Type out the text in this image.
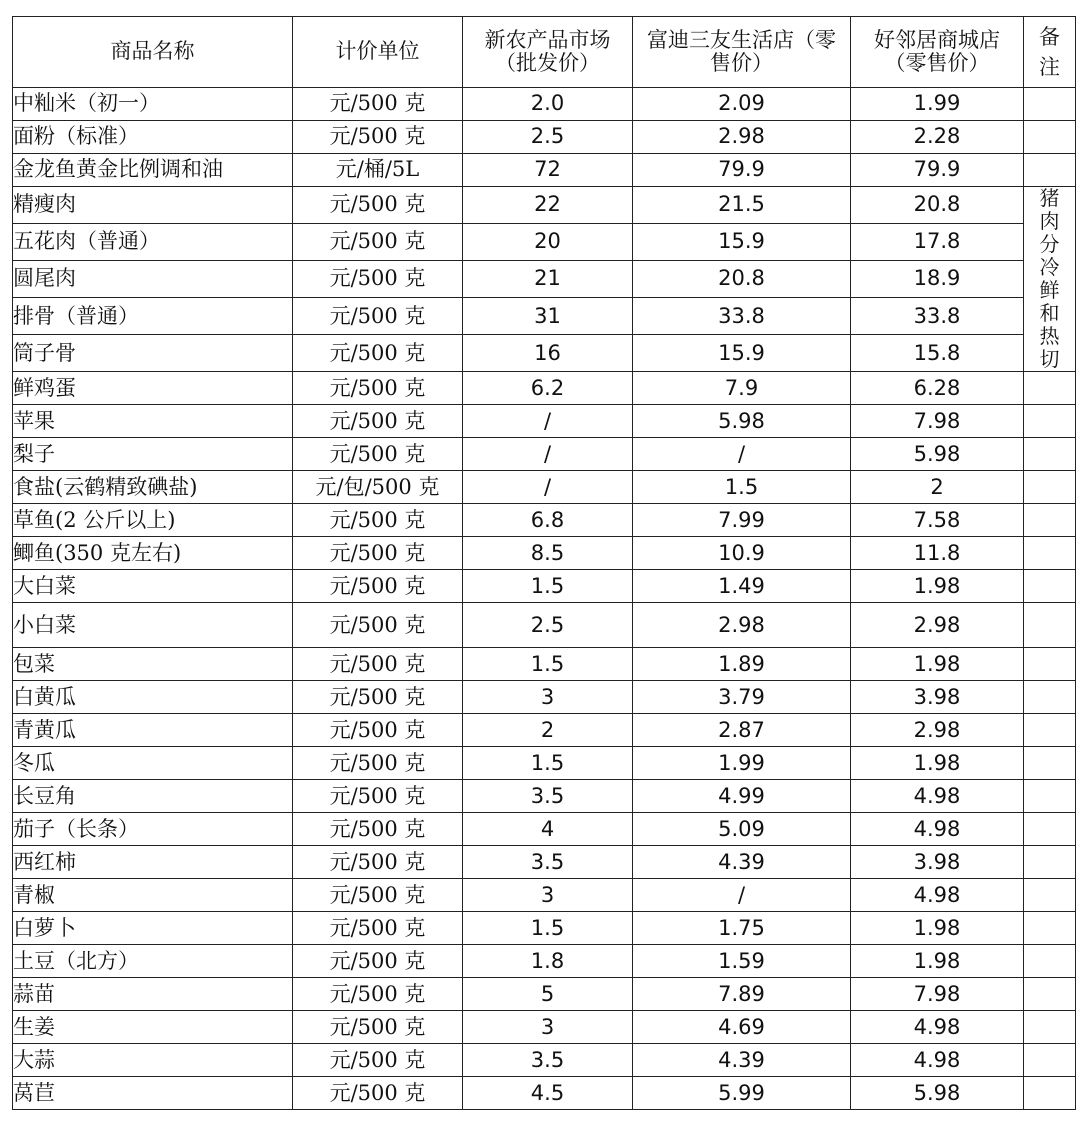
商品名称	计价单位	新农产品市场（批发价）	富迪三友生活店（零售价）	好邻居商城店（零售价）	备注
中籼米（初一）	元/500 克	2.0	2.09	1.99	
面粉（标准）	元/500 克	2.5	2.98	2.28	
金龙鱼黄金比例调和油	元/桶/5L	72	79.9	79.9	
精瘦肉	元/500 克	22	21.5	20.8	猪肉分冷鲜和热切
五花肉（普通）	元/500 克	20	15.9	17.8	
圆尾肉	元/500 克	21	20.8	18.9	
排骨（普通）	元/500 克	31	33.8	33.8	
筒子骨	元/500 克	16	15.9	15.8	
鲜鸡蛋	元/500 克	6.2	7.9	6.28	
苹果	元/500 克	/	5.98	7.98	
梨子	元/500 克	/	/	5.98	
食盐(云鹤精致碘盐)	元/包/500 克	/	1.5	2	
草鱼(2 公斤以上)	元/500 克	6.8	7.99	7.58	
鲫鱼(350 克左右)	元/500 克	8.5	10.9	11.8	
大白菜	元/500 克	1.5	1.49	1.98	
小白菜	元/500 克	2.5	2.98	2.98	
包菜	元/500 克	1.5	1.89	1.98	
白黄瓜	元/500 克	3	3.79	3.98	
青黄瓜	元/500 克	2	2.87	2.98	
冬瓜	元/500 克	1.5	1.99	1.98	
长豆角	元/500 克	3.5	4.99	4.98	
茄子（长条）	元/500 克	4	5.09	4.98	
西红柿	元/500 克	3.5	4.39	3.98	
青椒	元/500 克	3	/	4.98	
白萝卜	元/500 克	1.5	1.75	1.98	
土豆（北方）	元/500 克	1.8	1.59	1.98	
蒜苗	元/500 克	5	7.89	7.98	
生姜	元/500 克	3	4.69	4.98	
大蒜	元/500 克	3.5	4.39	4.98	
莴苣	元/500 克	4.5	5.99	5.98	
